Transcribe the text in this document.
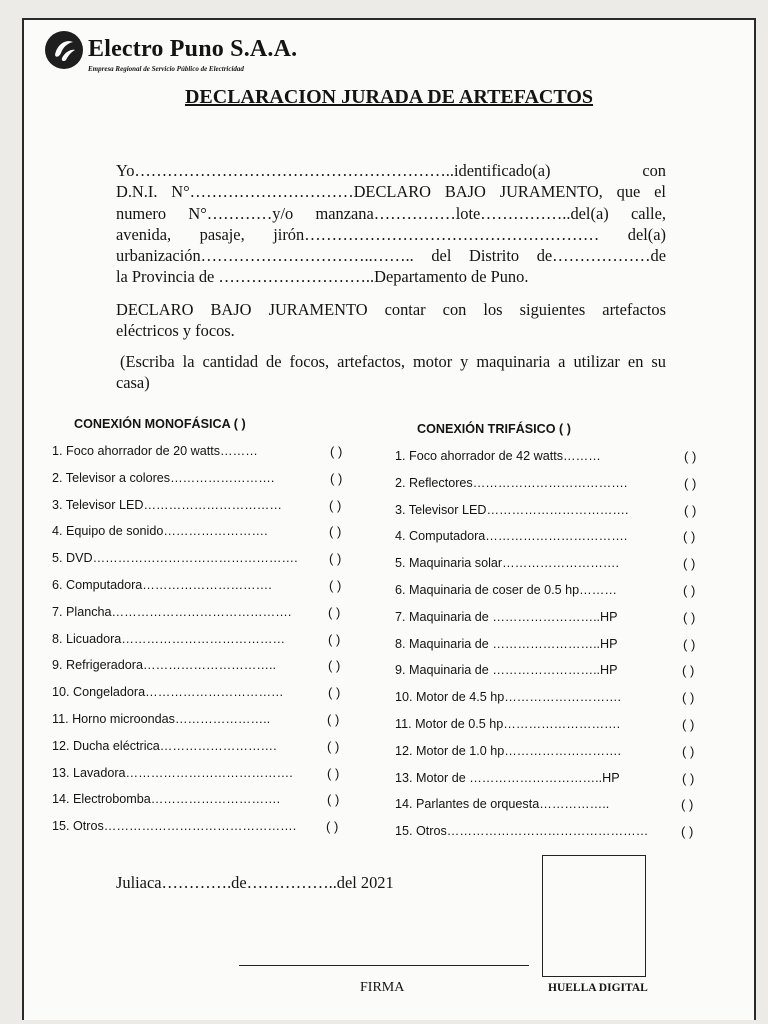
Electro Puno S.A.A.
Empresa Regional de Servicio Público de Electricidad
DECLARACION JURADA DE ARTEFACTOS
Yo…………………………………………………..identificado(a) con
D.N.I. N°…………………………DECLARO BAJO JURAMENTO, que el
numero N°…………y/o manzana……………lote……………..del(a) calle,
avenida, pasaje, jirón……………………………………………… del(a)
urbanización…………………………..…….. del Distrito de………………de
la Provincia de ………………………..Departamento de Puno.
DECLARO BAJO JURAMENTO contar con los siguientes artefactos
eléctricos y focos.
(Escriba la cantidad de focos, artefactos, motor y maquinaria a utilizar en su
casa)
CONEXIÓN MONOFÁSICA ( )	CONEXIÓN TRIFÁSICO ( )
1. Foco ahorrador de 20 watts………	( )
2. Televisor a colores…………………….	( )
3. Televisor LED……………………………	( )
4. Equipo de sonido…………………….	( )
5. DVD…………………………………………. ( )
6. Computadora………………………….	( )
7. Plancha…………………………………….	( )
8. Licuadora…………………………………	( )
9. Refrigeradora…………………………..	( )
10. Congeladora……………………………	( )
11. Horno microondas…………………..	( )
12. Ducha eléctrica……………………….	( )
13. Lavadora………………………………….	( )
14. Electrobomba………………………….	( )
15. Otros………………………………………. ( )
1. Foco ahorrador de 42 watts………	( )
2. Reflectores……………………………….	( )
3. Televisor LED…………………………….	( )
4. Computadora…………………………….	( )
5. Maquinaria solar……………………….	( )
6. Maquinaria de coser de 0.5 hp………	( )
7. Maquinaria de ……………………..HP	( )
8. Maquinaria de ……………………..HP	( )
9. Maquinaria de ……………………..HP	( )
10. Motor de 4.5 hp……………………….	( )
11. Motor de 0.5 hp……………………….	( )
12. Motor de 1.0 hp……………………….	( )
13. Motor de …………………………..HP	( )
14. Parlantes de orquesta……………..	( )
15. Otros…………………………………………	( )
Juliaca………….de……………..del 2021
FIRMA	HUELLA DIGITAL
